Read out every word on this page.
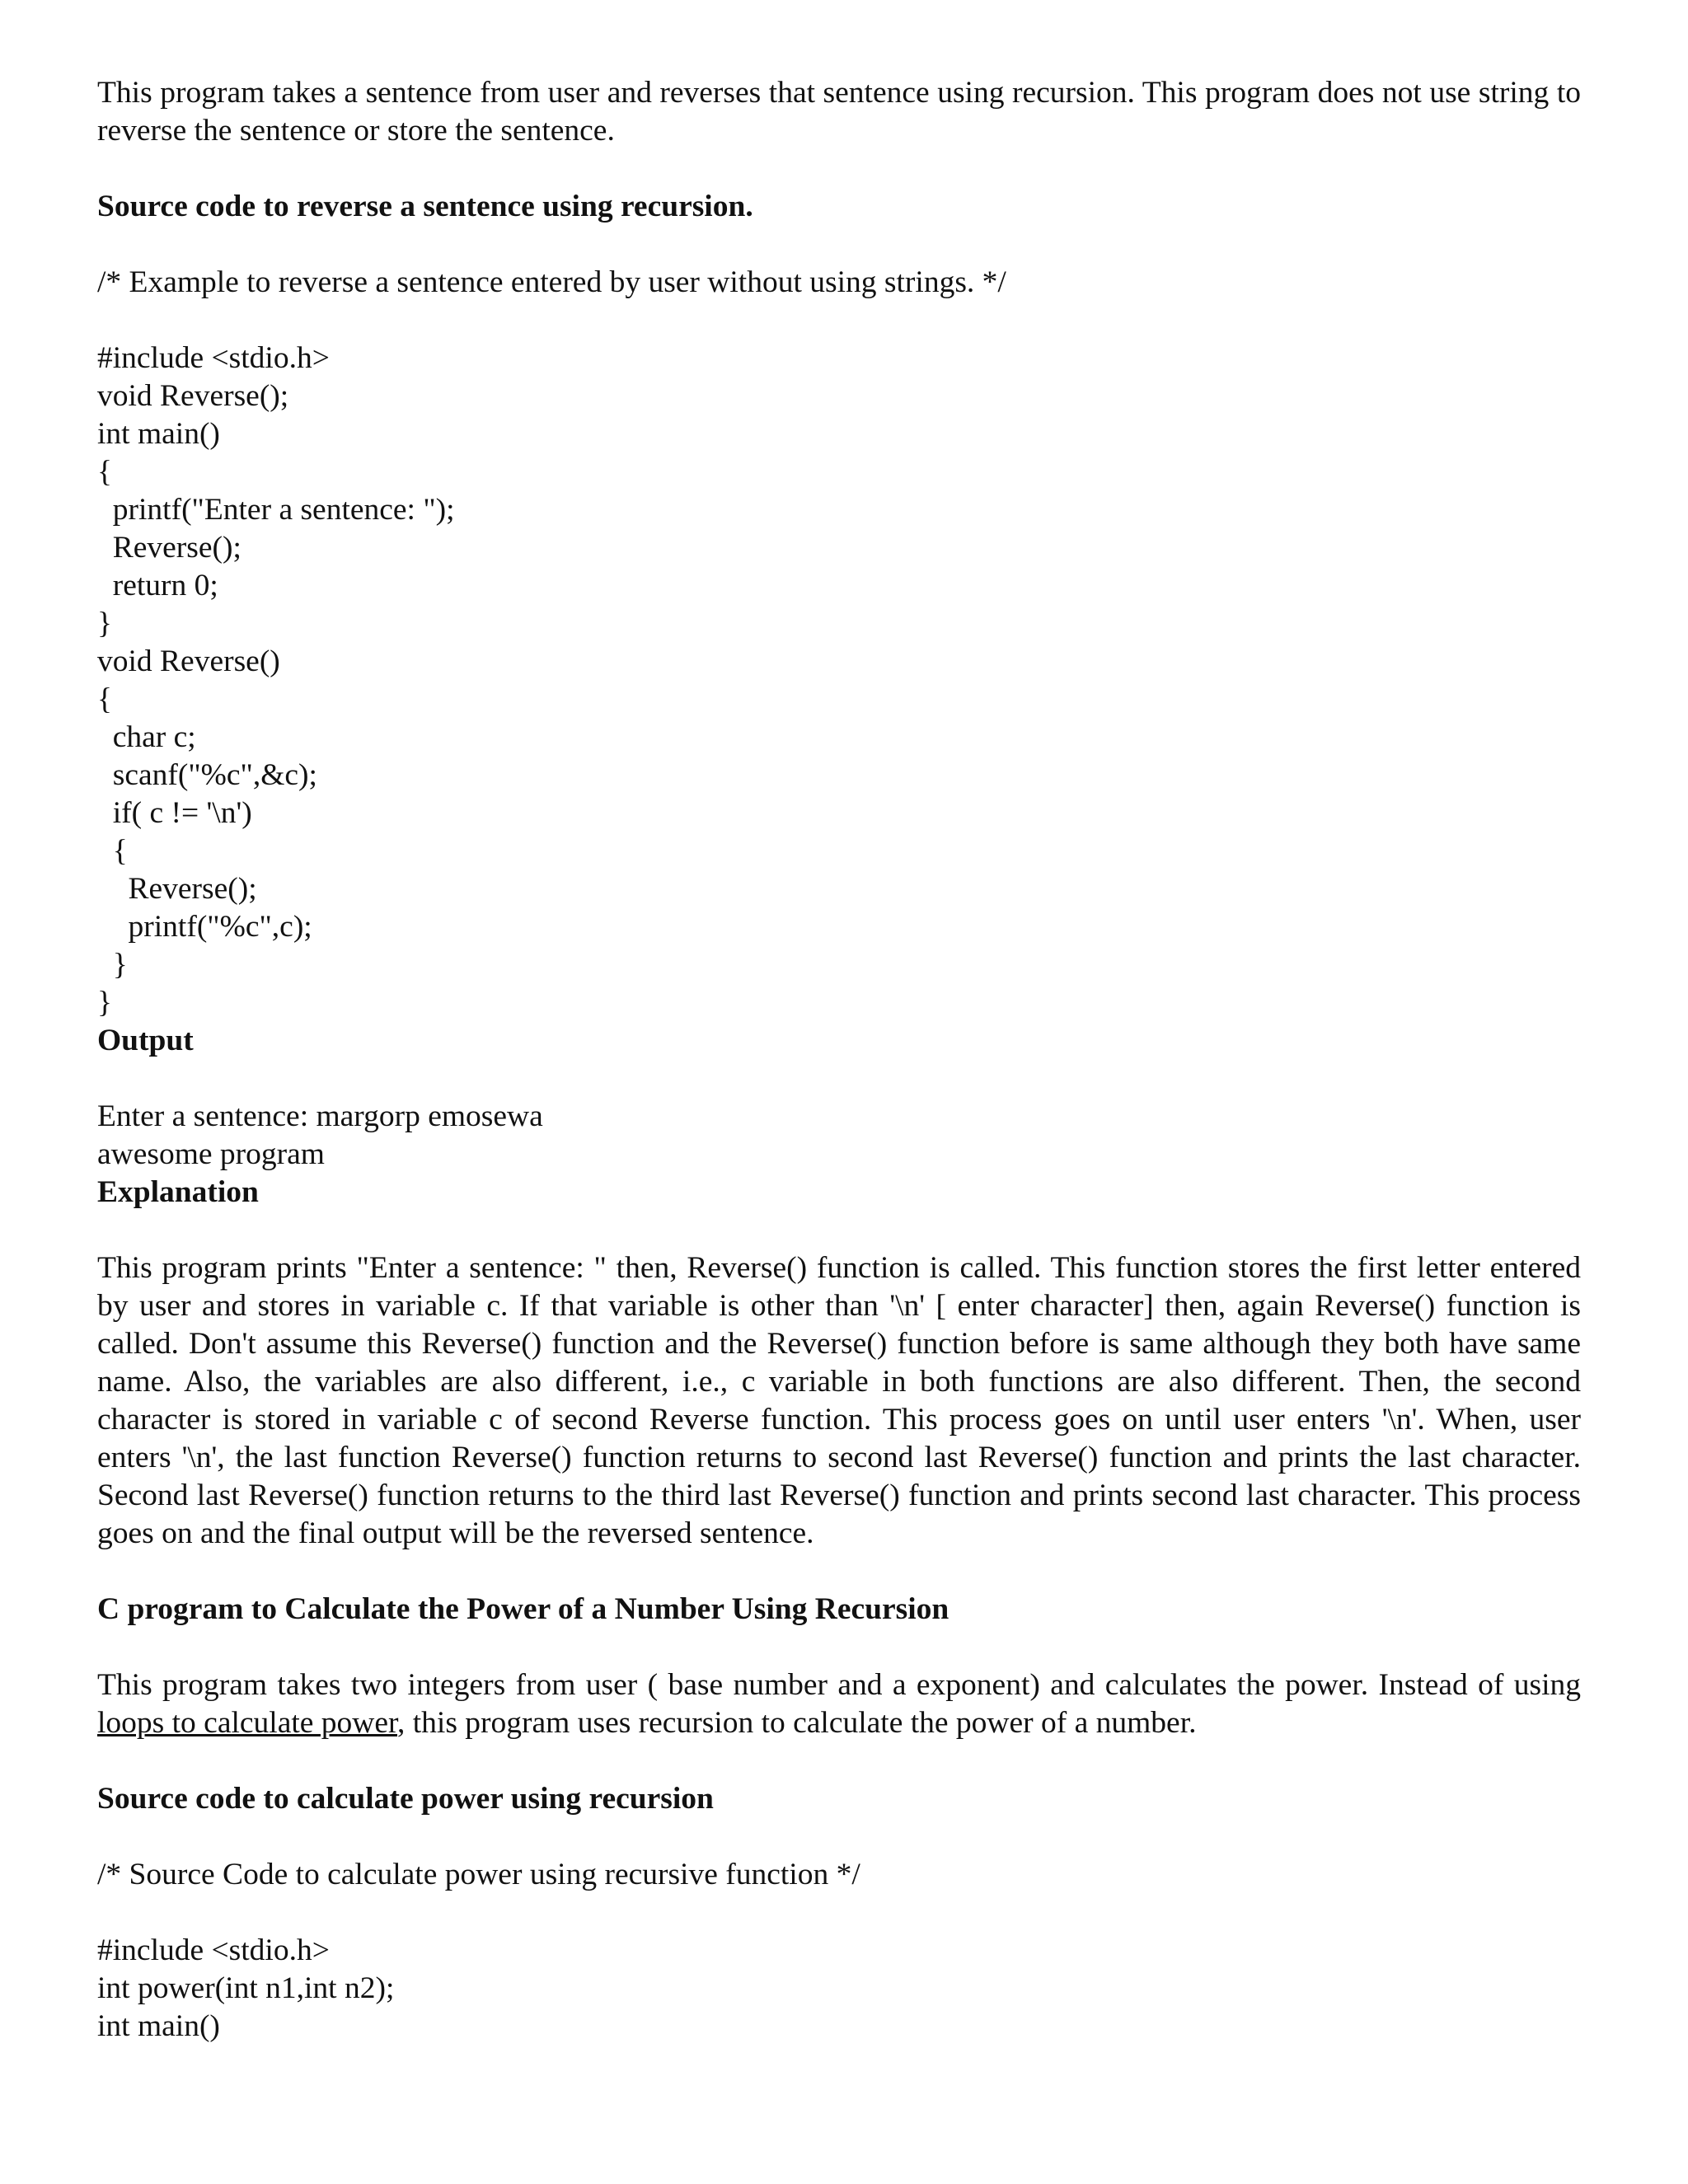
This program takes a sentence from user and reverses that sentence using recursion. This program does not use string to reverse the sentence or store the sentence.

Source code to reverse a sentence using recursion.

/* Example to reverse a sentence entered by user without using strings. */

#include <stdio.h>
void Reverse();
int main()
{
printf("Enter a sentence: ");
Reverse();
return 0;
}
void Reverse()
{
char c;
scanf("%c",&c);
if( c != '\n')
{
Reverse();
printf("%c",c);
}
}
Output
Enter a sentence: margorp emosewa
awesome program
Explanation

This program prints "Enter a sentence: " then, Reverse() function is called. This function stores the first letter entered by user and stores in variable c. If that variable is other than '\n' [ enter character] then, again Reverse() function is called. Don't assume this Reverse() function and the Reverse() function before is same although they both have same name. Also, the variables are also different, i.e., c variable in both functions are also different. Then, the second character is stored in variable c of second Reverse function. This process goes on until user enters '\n'. When, user enters '\n', the last function Reverse() function returns to second last Reverse() function and prints the last character. Second last Reverse() function returns to the third last Reverse() function and prints second last character. This process goes on and the final output will be the reversed sentence.

C program to Calculate the Power of a Number Using Recursion

This program takes two integers from user ( base number and a exponent) and calculates the power. Instead of using loops to calculate power, this program uses recursion to calculate the power of a number.

Source code to calculate power using recursion

/* Source Code to calculate power using recursive function */

#include <stdio.h>
int power(int n1,int n2);
int main()
